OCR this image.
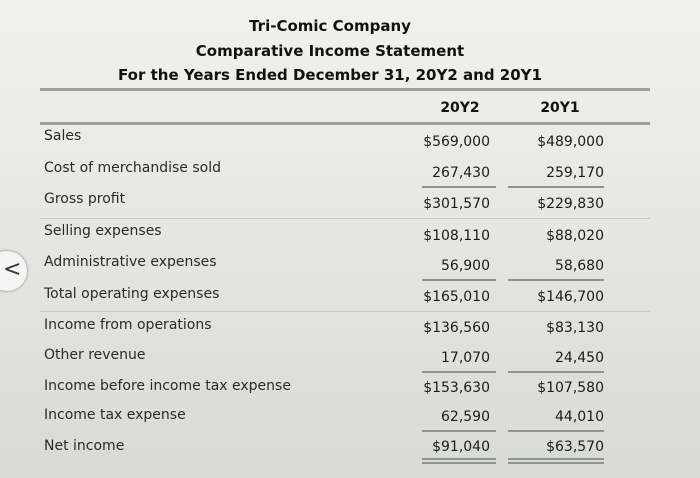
Tri-Comic Company
Comparative Income Statement
For the Years Ended December 31, 20Y2 and 20Y1
20Y2	20Y1
Sales	$569,000	$489,000
Cost of merchandise sold	267,430	259,170
Gross profit	$301,570	$229,830
Selling expenses	$108,110	$88,020
Administrative expenses	56,900	58,680
Total operating expenses	$165,010	$146,700
Income from operations	$136,560	$83,130
Other revenue	17,070	24,450
Income before income tax expense	$153,630	$107,580
Income tax expense	62,590	44,010
Net income	$91,040	$63,570
<
